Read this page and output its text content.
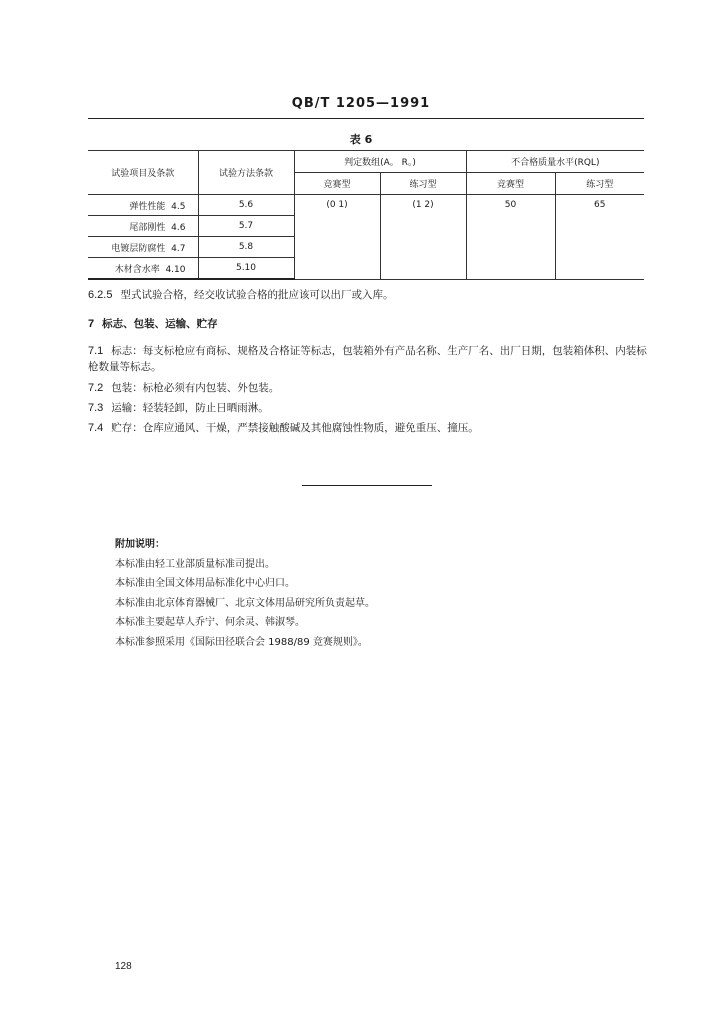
QB/T 1205—1991
表 6
试验项目及条款	试验方法条款	判定数组(A。 R。)		不合格质量水平(RQL)	
		竞赛型	练习型	竞赛型	练习型
弹性性能 4.5	5.6	(0 1)	(1 2)	50	65
尾部刚性 4.6	5.7				
电镀层防腐性 4.7	5.8				
木材含水率 4.10	5.10				
6.2.5 型式试验合格，经交收试验合格的批应该可以出厂或入库。
7 标志、包装、运输、贮存
7.1 标志：每支标枪应有商标、规格及合格证等标志，包装箱外有产品名称、生产厂名、出厂日期，包装箱体积、内装标枪数量等标志。
7.2 包装：标枪必须有内包装、外包装。
7.3 运输：轻装轻卸，防止日晒雨淋。
7.4 贮存：仓库应通风、干燥，严禁接触酸碱及其他腐蚀性物质，避免重压、撞压。
附加说明：
本标准由轻工业部质量标准司提出。
本标准由全国文体用品标准化中心归口。
本标准由北京体育器械厂、北京文体用品研究所负责起草。
本标准主要起草人乔宁、何余灵、韩淑琴。
本标准参照采用《国际田径联合会 1988/89 竞赛规则》。
128
